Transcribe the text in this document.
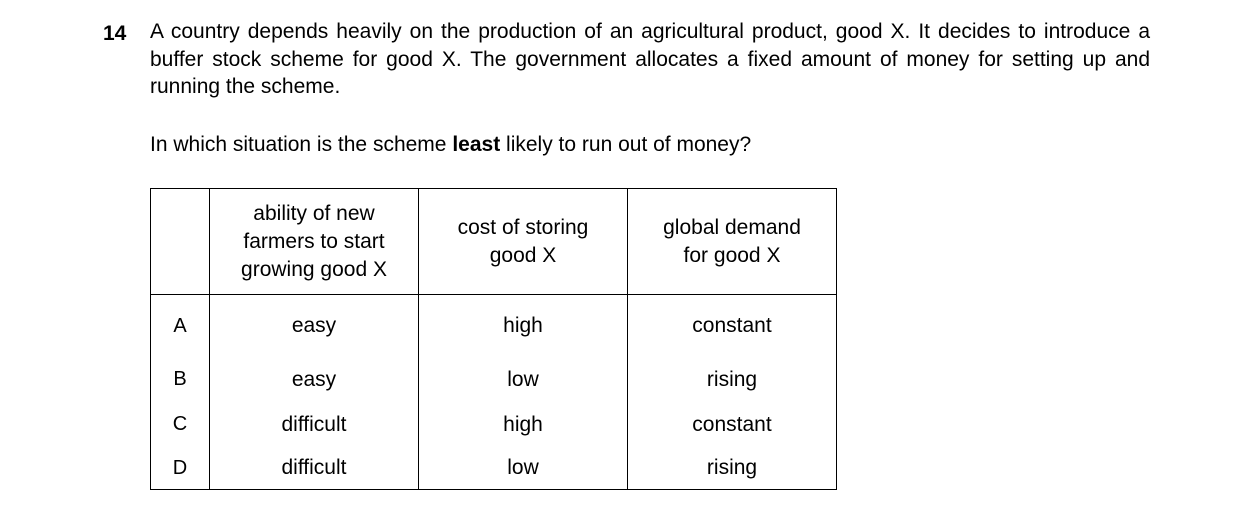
14 A country depends heavily on the production of an agricultural product, good X. It decides to introduce a buffer stock scheme for good X. The government allocates a fixed amount of money for setting up and running the scheme.
In which situation is the scheme least likely to run out of money?

	ability of new farmers to start growing good X	cost of storing good X	global demand for good X

A	easy	high	constant
B	easy	low	rising
C	difficult	high	constant
D	difficult	low	rising
